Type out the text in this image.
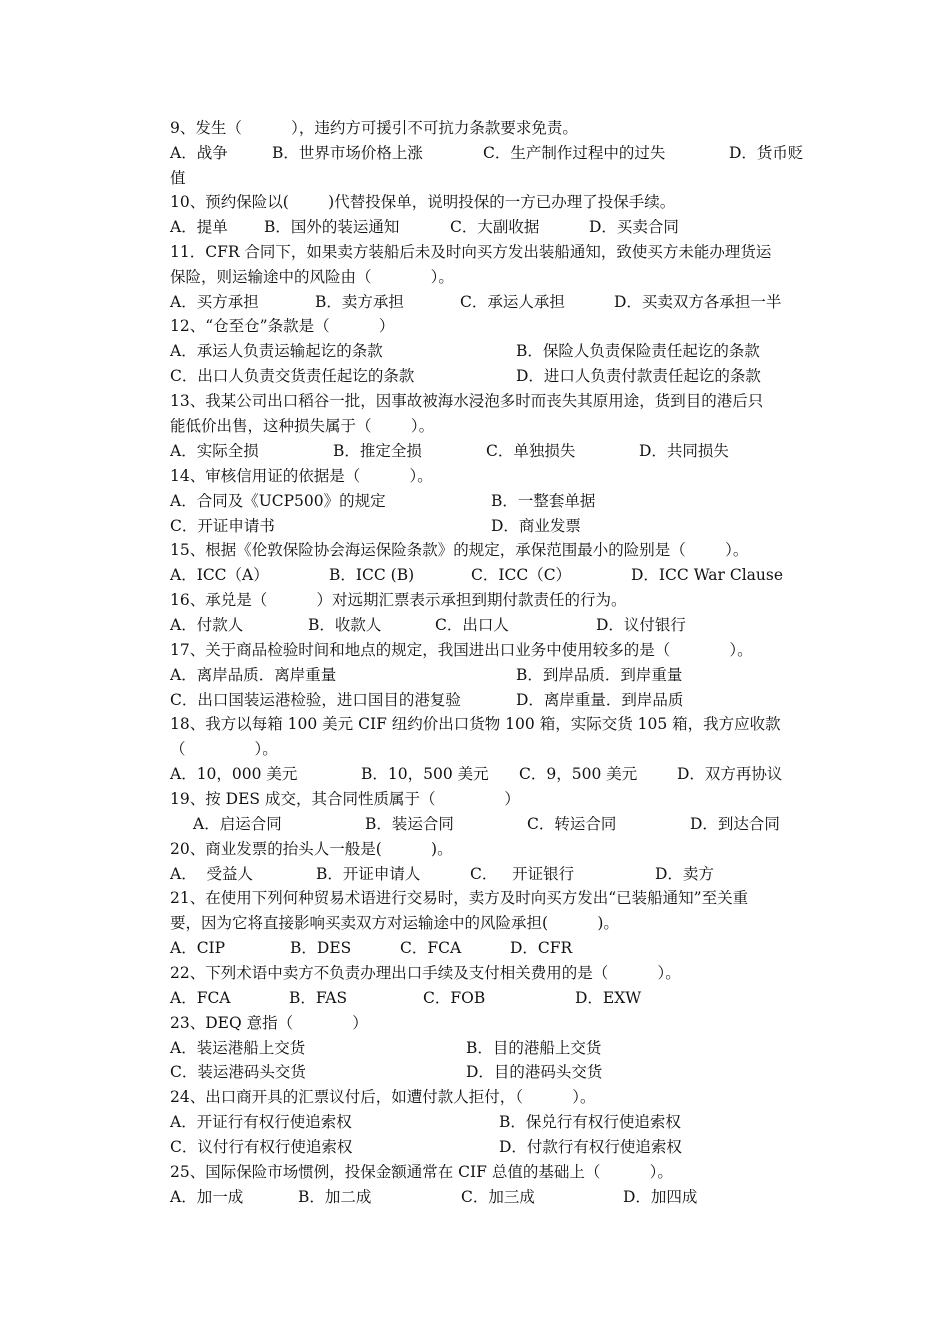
9、发生（          ），违约方可援引不可抗力条款要求免责。
A．战争	B．世界市场价格上涨	C．生产制作过程中的过失	D．货币贬
值
10、预约保险以(        )代替投保单，说明投保的一方已办理了投保手续。
A．提单 B．国外的装运通知	C．大副收据	D．买卖合同
11．CFR 合同下，如果卖方装船后未及时向买方发出装船通知，致使买方未能办理货运
保险，则运输途中的风险由（            ）。
A．买方承担	B．卖方承担	C．承运人承担	D．买卖双方各承担一半
12、“仓至仓”条款是（          ）
A．承运人负责运输起讫的条款	B．保险人负责保险责任起讫的条款
C．出口人负责交货责任起讫的条款	D．进口人负责付款责任起讫的条款
13、我某公司出口稻谷一批，因事故被海水浸泡多时而丧失其原用途，货到目的港后只
能低价出售，这种损失属于（        ）。
A．实际全损	B．推定全损	C．单独损失	D．共同损失
14、审核信用证的依据是（          ）。
A．合同及《UCP500》的规定	B．一整套单据
C．开证申请书	D．商业发票
15、根据《伦敦保险协会海运保险条款》的规定，承保范围最小的险别是（        ）。
A．ICC（A）	B．ICC (B)	C．ICC（C）	D．ICC War Clause
16、承兑是（          ）对远期汇票表示承担到期付款责任的行为。
A．付款人	B．收款人	C．出口人	D．议付银行
17、关于商品检验时间和地点的规定，我国进出口业务中使用较多的是（            ）。
A．离岸品质．离岸重量	B．到岸品质．到岸重量
C．出口国装运港检验，进口国目的港复验	D．离岸重量．到岸品质
18、我方以每箱 100 美元 CIF 纽约价出口货物 100 箱，实际交货 105 箱，我方应收款
（              ）。
A．10，000 美元	B．10，500 美元 C．9，500 美元	D．双方再协议
19、按 DES 成交，其合同性质属于（              ）
A．启运合同	B．装运合同	C．转运合同	D．到达合同
20、商业发票的抬头人一般是(          )。
A．  受益人	B．开证申请人	C．   开证银行	D．卖方
21、在使用下列何种贸易术语进行交易时，卖方及时向买方发出“已装船通知”至关重
要，因为它将直接影响买卖双方对运输途中的风险承担(          )。
A．CIP	B．DES	C．FCA	D．CFR
22、下列术语中卖方不负责办理出口手续及支付相关费用的是（          ）。
A．FCA	B．FAS	C．FOB	D．EXW
23、DEQ 意指（            ）
A．装运港船上交货	B．目的港船上交货
C．装运港码头交货	D．目的港码头交货
24、出口商开具的汇票议付后，如遭付款人拒付，（          ）。
A．开证行有权行使追索权	B．保兑行有权行使追索权
C．议付行有权行使追索权	D．付款行有权行使追索权
25、国际保险市场惯例，投保金额通常在 CIF 总值的基础上（          ）。
A．加一成	B．加二成	C．加三成	D．加四成
